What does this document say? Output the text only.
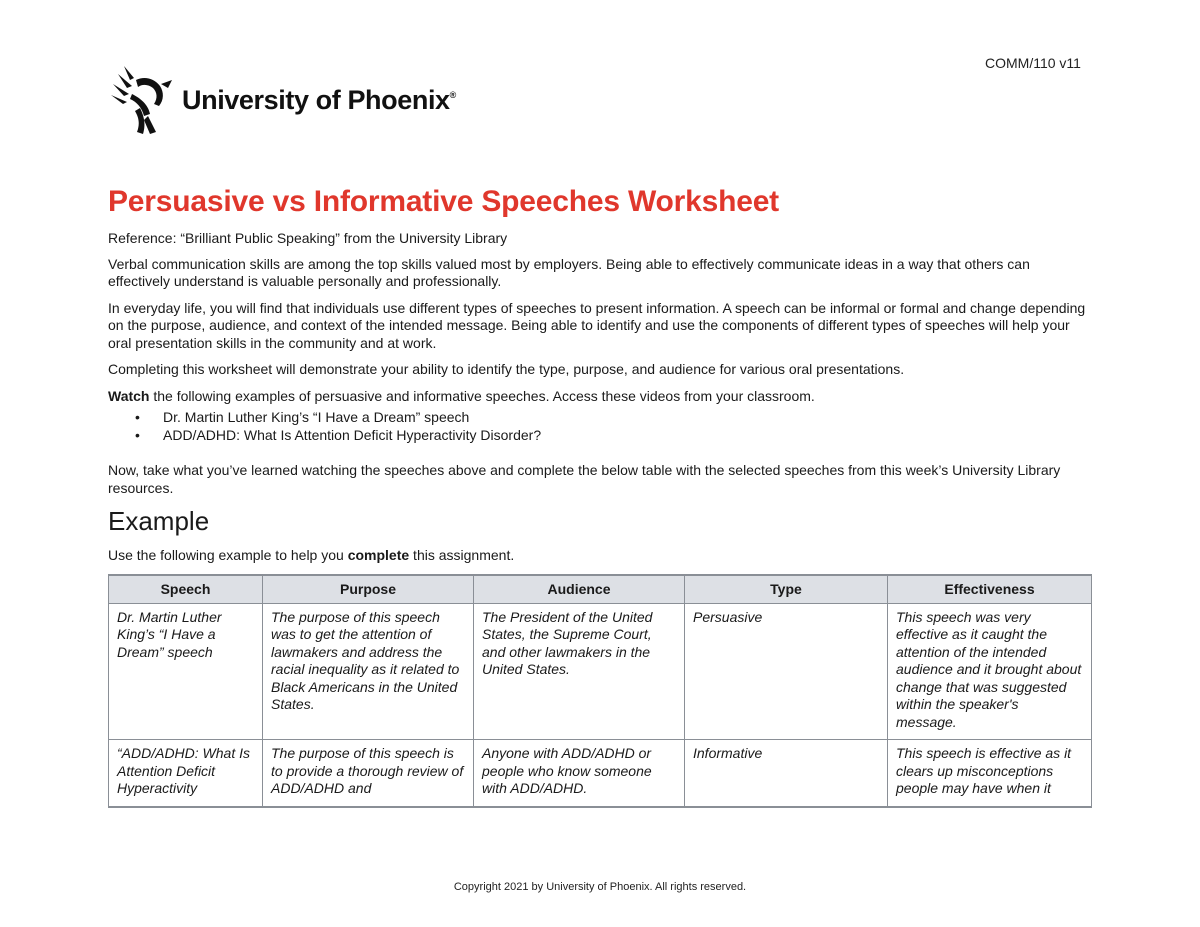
COMM/110 v11
University of Phoenix®
Persuasive vs Informative Speeches Worksheet

Reference: “Brilliant Public Speaking” from the University Library

Verbal communication skills are among the top skills valued most by employers. Being able to effectively communicate ideas in a way that others can effectively understand is valuable personally and professionally.

In everyday life, you will find that individuals use different types of speeches to present information. A speech can be informal or formal and change depending on the purpose, audience, and context of the intended message. Being able to identify and use the components of different types of speeches will help your oral presentation skills in the community and at work.

Completing this worksheet will demonstrate your ability to identify the type, purpose, and audience for various oral presentations.

Watch the following examples of persuasive and informative speeches. Access these videos from your classroom.

• Dr. Martin Luther King’s “I Have a Dream” speech
• ADD/ADHD: What Is Attention Deficit Hyperactivity Disorder?

Now, take what you’ve learned watching the speeches above and complete the below table with the selected speeches from this week’s University Library resources.

Example

Use the following example to help you complete this assignment.

Speech	Purpose	Audience	Type	Effectiveness
Dr. Martin Luther King’s “I Have a Dream” speech	The purpose of this speech was to get the attention of lawmakers and address the racial inequality as it related to Black Americans in the United States.	The President of the United States, the Supreme Court, and other lawmakers in the United States.	Persuasive	This speech was very effective as it caught the attention of the intended audience and it brought about change that was suggested within the speaker's message.
“ADD/ADHD: What Is Attention Deficit Hyperactivity	The purpose of this speech is to provide a thorough review of ADD/ADHD and	Anyone with ADD/ADHD or people who know someone with ADD/ADHD.	Informative	This speech is effective as it clears up misconceptions people may have when it
Copyright 2021 by University of Phoenix. All rights reserved.
